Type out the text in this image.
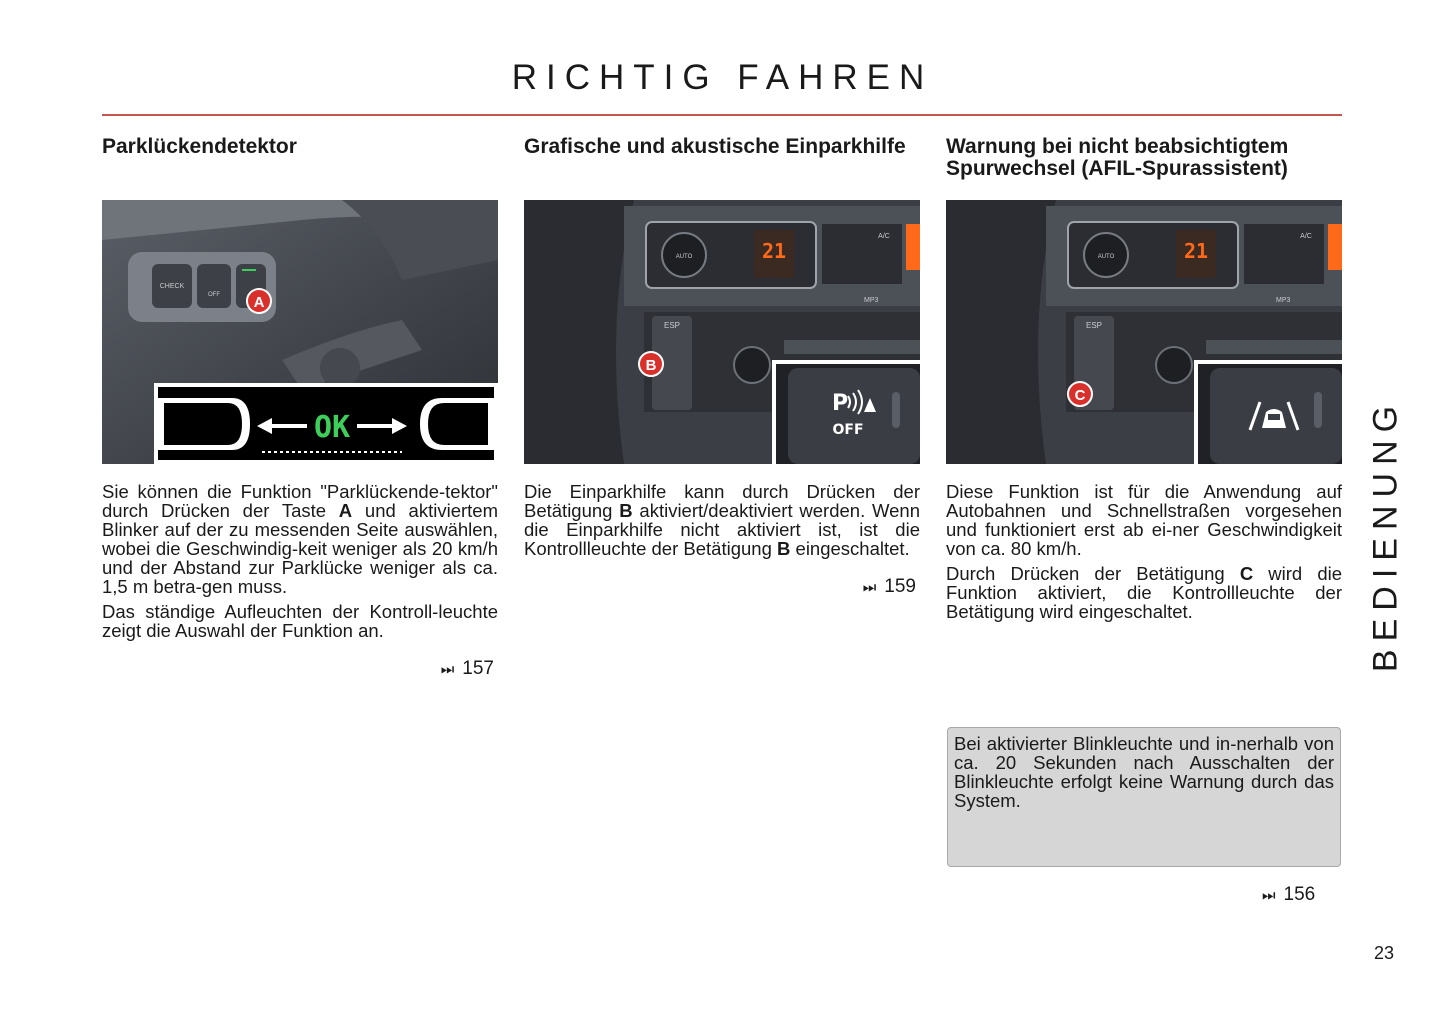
RICHTIG FAHREN
Parklückendetektor
CHECK
OFF A
OK

Sie können die Funktion "Parklückende-tektor" durch Drücken der Taste A und aktiviertem Blinker auf der zu messenden Seite auswählen, wobei die Geschwindig-keit weniger als 20 km/h und der Abstand zur Parklücke weniger als ca. 1,5 m betra-gen muss.

Das ständige Aufleuchten der Kontroll-leuchte zeigt die Auswahl der Funktion an.

⏭ 157
Grafische und akustische Einparkhilfe
AUTO	21
A/C
MP3
ESP
B
P
OFF

Die Einparkhilfe kann durch Drücken der Betätigung B aktiviert/deaktiviert werden. Wenn die Einparkhilfe nicht aktiviert ist, ist die Kontrollleuchte der Betätigung B eingeschaltet.

⏭ 159
Warnung bei nicht beabsichtigtem Spurwechsel (AFIL-Spurassistent)
AUTO	21
A/C
MP3
ESP
C

Diese Funktion ist für die Anwendung auf Autobahnen und Schnellstraßen vorgesehen und funktioniert erst ab ei-ner Geschwindigkeit von ca. 80 km/h.

Durch Drücken der Betätigung C wird die Funktion aktiviert, die Kontrollleuchte der Betätigung wird eingeschaltet.

Bei aktivierter Blinkleuchte und in-nerhalb von ca. 20 Sekunden nach Ausschalten der Blinkleuchte erfolgt keine Warnung durch das System.
⏭ 156
BEDIENUNG
23
